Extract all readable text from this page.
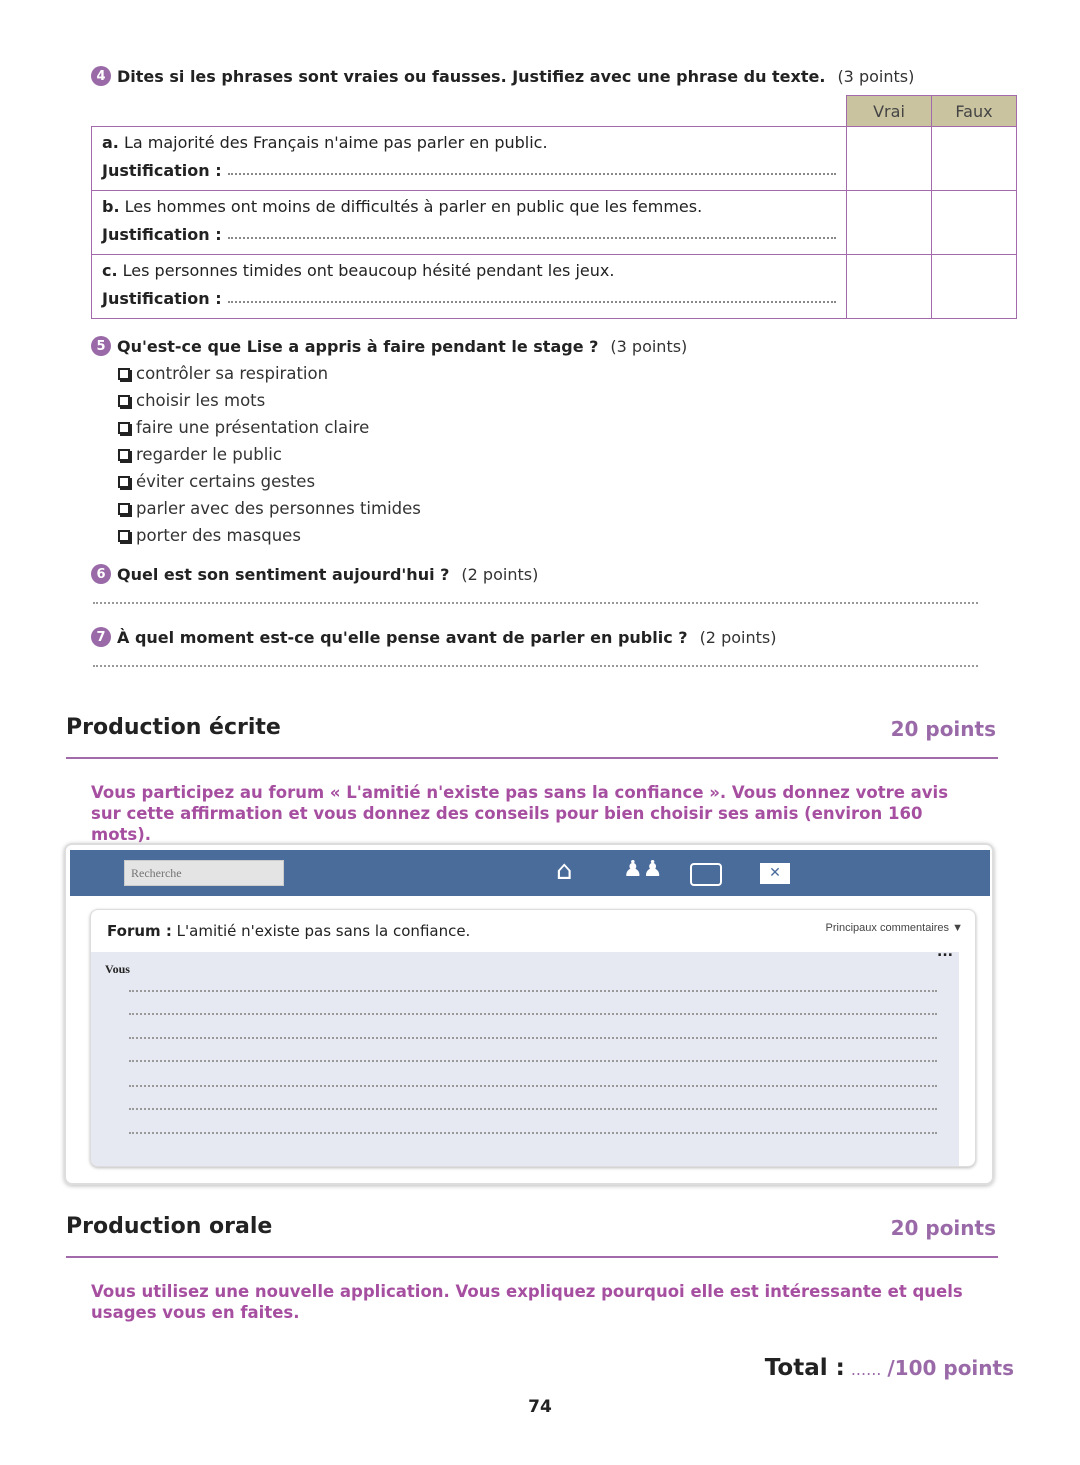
4 Dites si les phrases sont vraies ou fausses. Justifiez avec une phrase du texte. (3 points)
	Vrai	Faux

a. La majorité des Français n'aime pas parler en public.
Justification :		

b. Les hommes ont moins de difficultés à parler en public que les femmes.
Justification :		

c. Les personnes timides ont beaucoup hésité pendant les jeux.
Justification :		

5 Qu'est-ce que Lise a appris à faire pendant le stage ? (3 points)
contrôler sa respiration
choisir les mots
faire une présentation claire
regarder le public
éviter certains gestes
parler avec des personnes timides
porter des masques
6 Quel est son sentiment aujourd'hui ? (2 points)
7 À quel moment est-ce qu'elle pense avant de parler en public ? (2 points)
Production écrite	20 points
Vous participez au forum « L'amitié n'existe pas sans la confiance ». Vous donnez votre avis sur cette affirmation et vous donnez des conseils pour bien choisir ses amis (environ 160 mots).
Recherche
⌂ ♟♟	✕
Forum : L'amitié n'existe pas sans la confiance.	Principaux commentaires ▼
...
Vous
Production orale	20 points
Vous utilisez une nouvelle application. Vous expliquez pourquoi elle est intéressante et quels usages vous en faites.
Total : ...... /100 points
74
